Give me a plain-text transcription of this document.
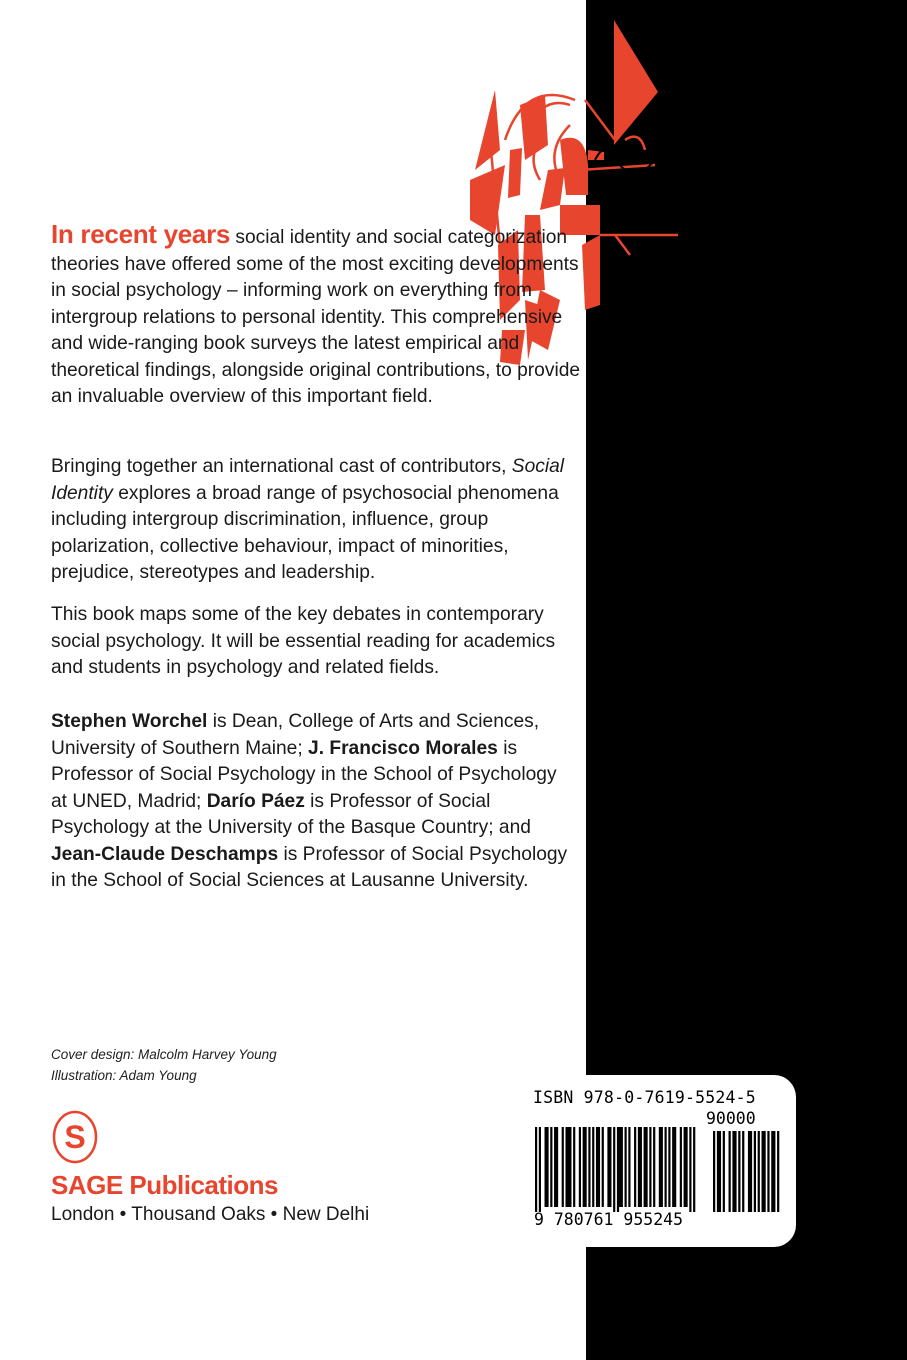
In recent years social identity and social categorization theories have offered some of the most exciting developments in social psychology – informing work on everything from intergroup relations to personal identity. This comprehensive and wide-ranging book surveys the latest empirical and theoretical findings, alongside original contributions, to provide an invaluable overview of this important field.

Bringing together an international cast of contributors, Social Identity explores a broad range of psychosocial phenomena including intergroup discrimination, influence, group polarization, collective behaviour, impact of minorities, prejudice, stereotypes and leadership.

This book maps some of the key debates in contemporary social psychology. It will be essential reading for academics and students in psychology and related fields.

Stephen Worchel is Dean, College of Arts and Sciences, University of Southern Maine; J. Francisco Morales is Professor of Social Psychology in the School of Psychology at UNED, Madrid; Darío Páez is Professor of Social Psychology at the University of the Basque Country; and Jean-Claude Deschamps is Professor of Social Psychology in the School of Social Sciences at Lausanne University.

Cover design: Malcolm Harvey Young
Illustration: Adam Young
S
SAGE Publications
London • Thousand Oaks • New Delhi
ISBN 978-0-7619-5524-5
90000
9 780761 955245
